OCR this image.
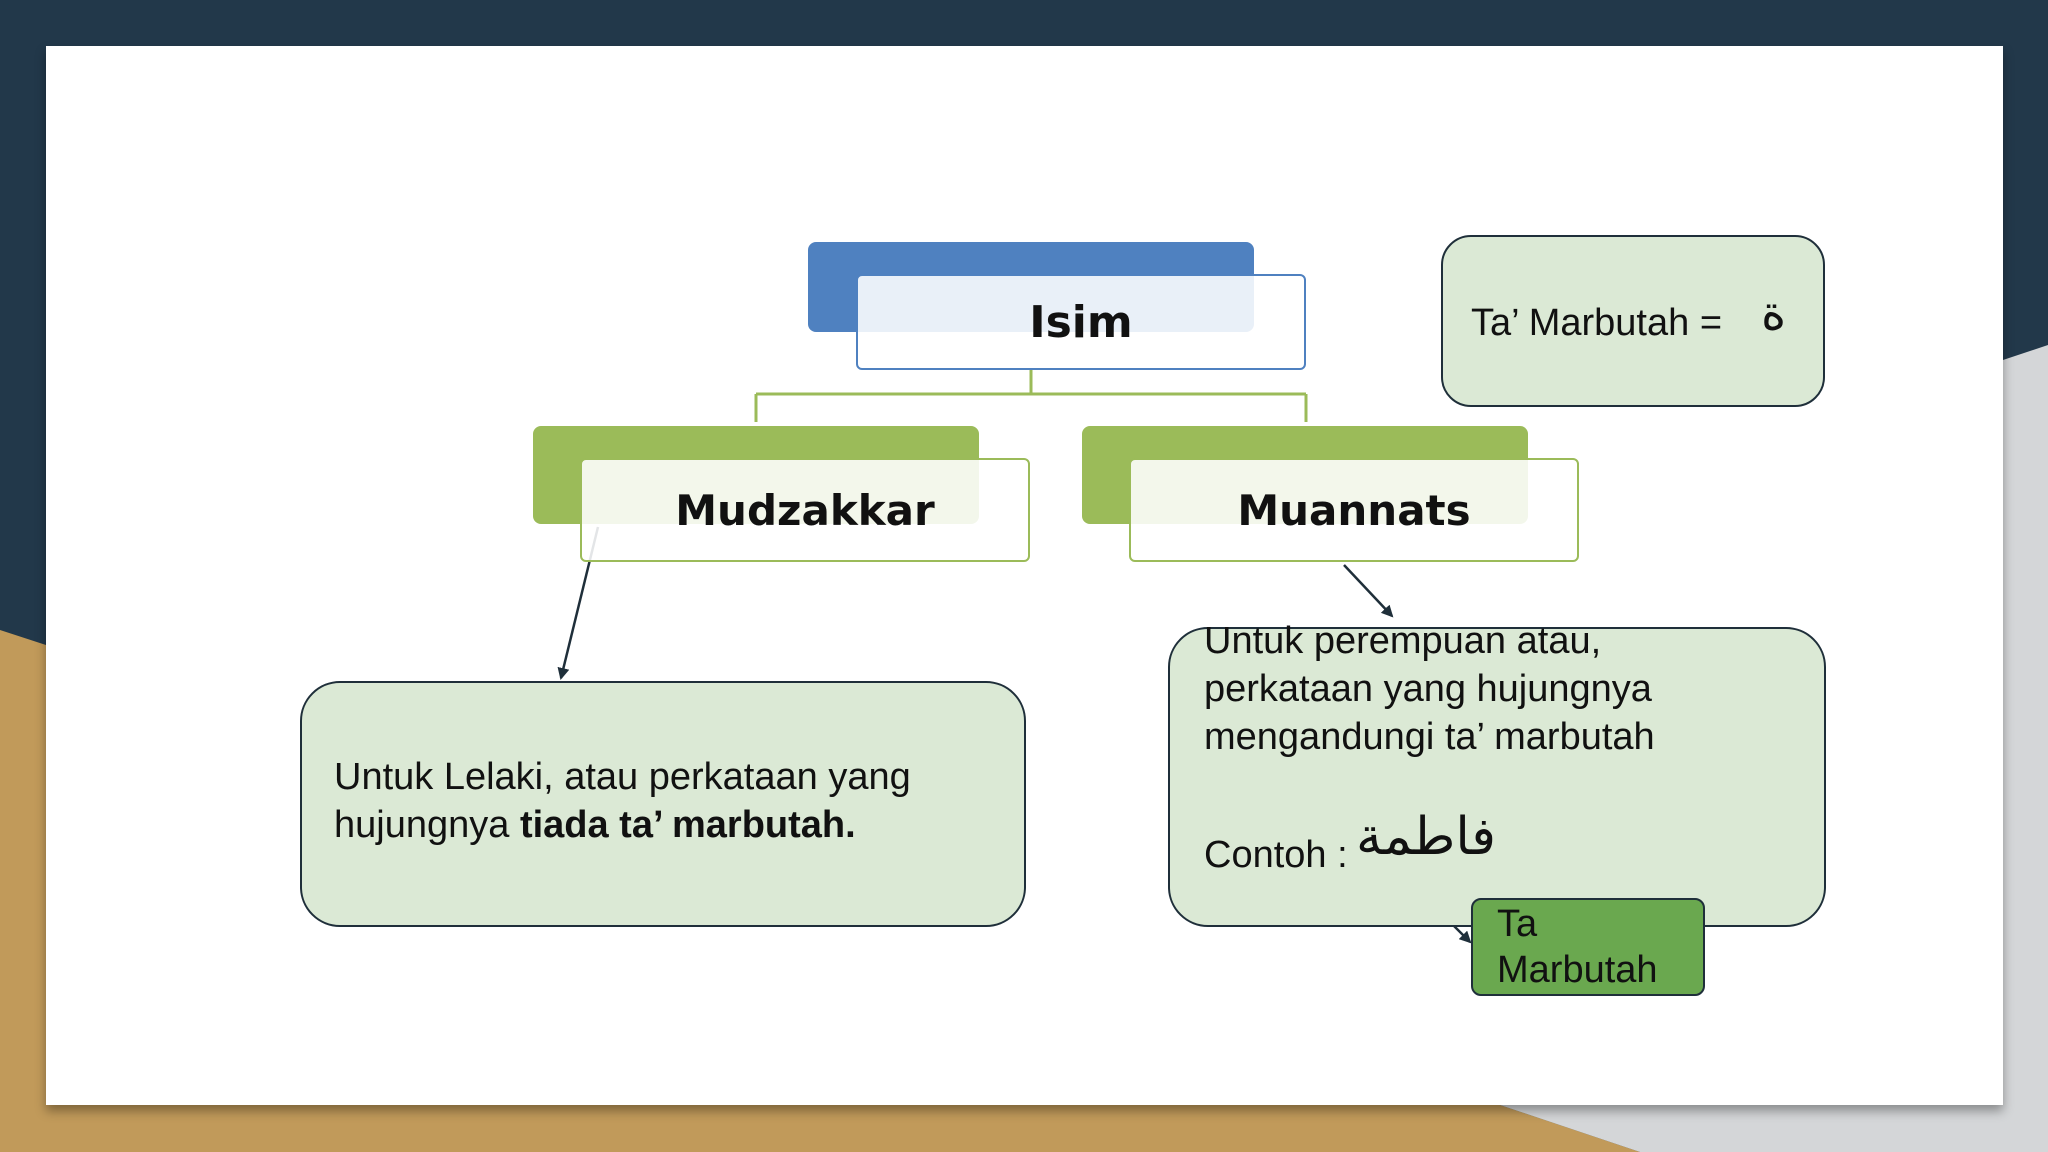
Isim
Mudzakkar	Muannats
Ta’ Marbutah = ة
Untuk Lelaki, atau perkataan yang hujungnya tiada ta’ marbutah.
Untuk perempuan atau,
perkataan yang hujungnya
mengandungi ta’ marbutah
Contoh : فاطمة
Ta
Marbutah
